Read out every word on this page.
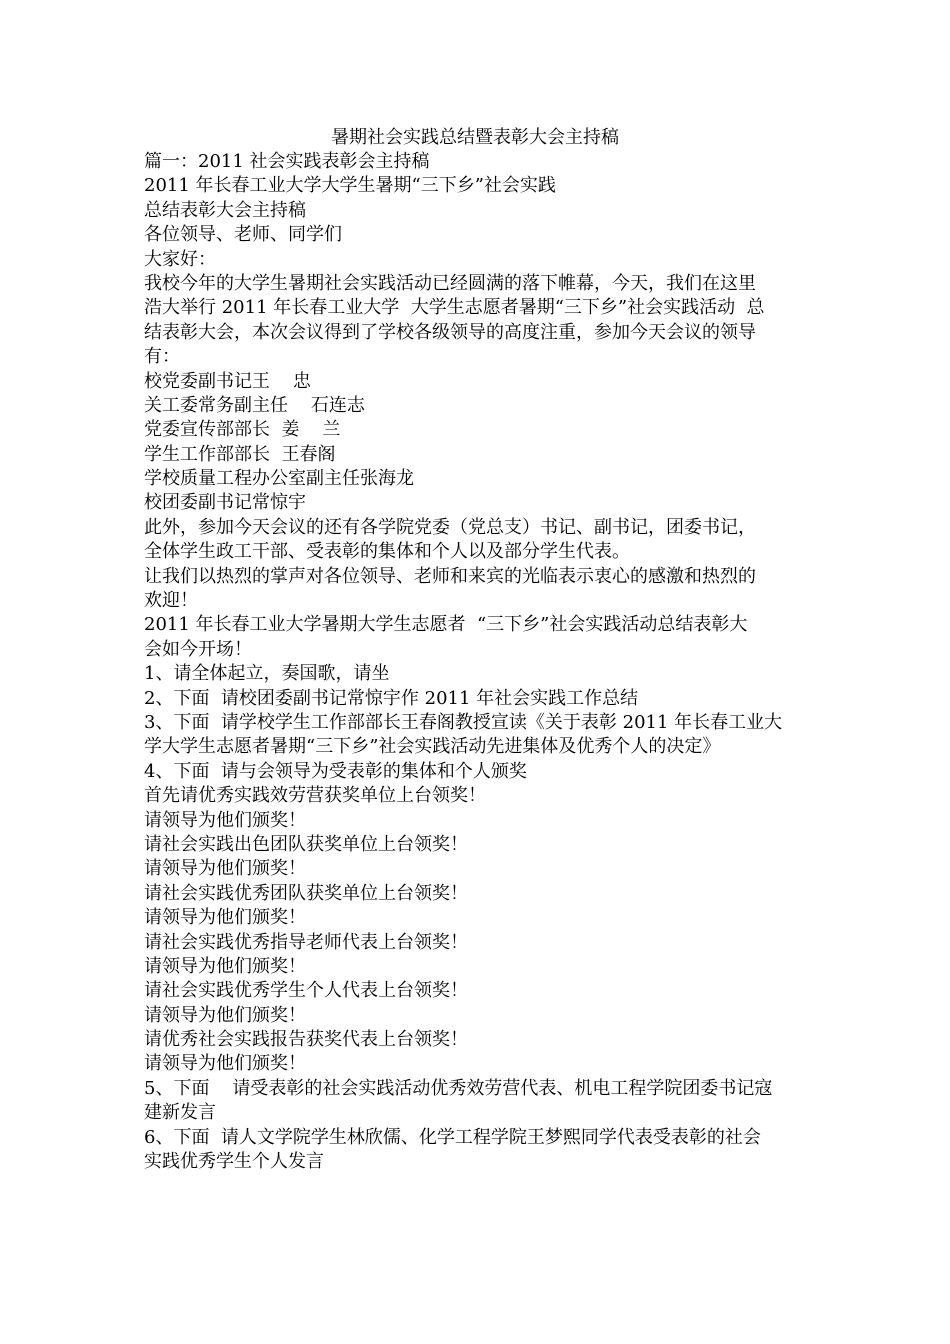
暑期社会实践总结暨表彰大会主持稿
篇一：2011 社会实践表彰会主持稿
2011 年长春工业大学大学生暑期“三下乡”社会实践
总结表彰大会主持稿
各位领导、老师、同学们
大家好：
我校今年的大学生暑期社会实践活动已经圆满的落下帷幕，今天，我们在这里
浩大举行 2011 年长春工业大学  大学生志愿者暑期“三下乡”社会实践活动  总
结表彰大会，本次会议得到了学校各级领导的高度注重，参加今天会议的领导
有：
校党委副书记王    忠
关工委常务副主任    石连志
党委宣传部部长  姜    兰
学生工作部部长  王春阁
学校质量工程办公室副主任张海龙
校团委副书记常惊宇
此外，参加今天会议的还有各学院党委（党总支）书记、副书记，团委书记，
全体学生政工干部、受表彰的集体和个人以及部分学生代表。
让我们以热烈的掌声对各位领导、老师和来宾的光临表示衷心的感激和热烈的
欢迎！
2011 年长春工业大学暑期大学生志愿者  “三下乡”社会实践活动总结表彰大
会如今开场！
1、请全体起立，奏国歌，请坐
2、下面  请校团委副书记常惊宇作 2011 年社会实践工作总结
3、下面  请学校学生工作部部长王春阁教授宣读《关于表彰 2011 年长春工业大
学大学生志愿者暑期“三下乡”社会实践活动先进集体及优秀个人的决定》
4、下面  请与会领导为受表彰的集体和个人颁奖
首先请优秀实践效劳营获奖单位上台领奖！
请领导为他们颁奖！
请社会实践出色团队获奖单位上台领奖！
请领导为他们颁奖！
请社会实践优秀团队获奖单位上台领奖！
请领导为他们颁奖！
请社会实践优秀指导老师代表上台领奖！
请领导为他们颁奖！
请社会实践优秀学生个人代表上台领奖！
请领导为他们颁奖！
请优秀社会实践报告获奖代表上台领奖！
请领导为他们颁奖！
5、下面    请受表彰的社会实践活动优秀效劳营代表、机电工程学院团委书记寇
建新发言
6、下面  请人文学院学生林欣儒、化学工程学院王梦熙同学代表受表彰的社会
实践优秀学生个人发言
